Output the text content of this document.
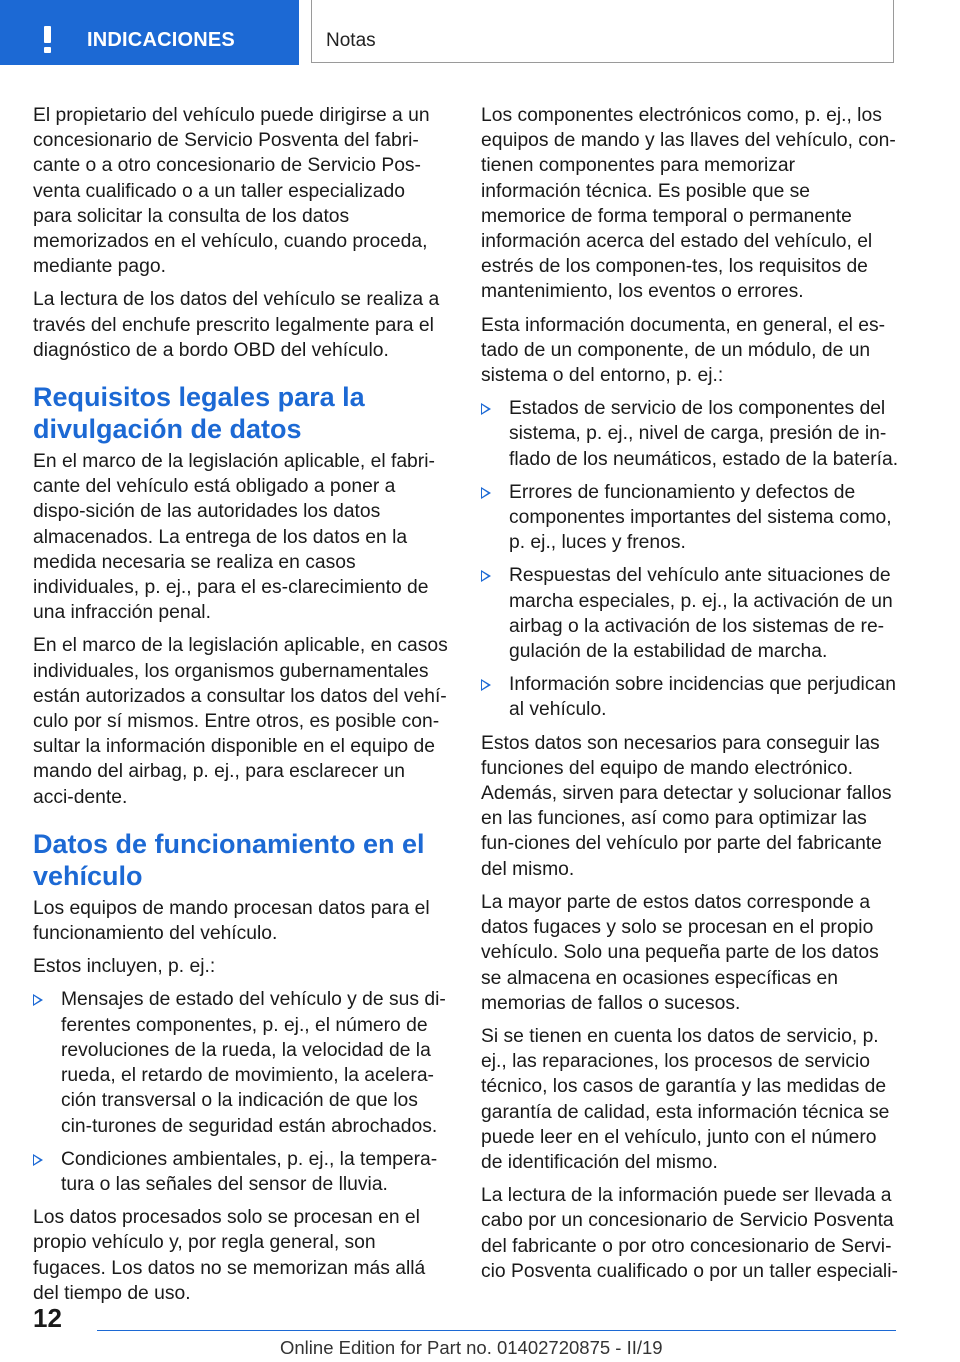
INDICACIONES	Notas

El propietario del vehículo puede dirigirse a un concesionario de Servicio Posventa del fabri-cante o a otro concesionario de Servicio Pos-venta cualificado o a un taller especializado para solicitar la consulta de los datos memorizados en el vehículo, cuando proceda, mediante pago.

La lectura de los datos del vehículo se realiza a través del enchufe prescrito legalmente para el diagnóstico de a bordo OBD del vehículo.

Requisitos legales para la divulgación de datos

En el marco de la legislación aplicable, el fabri-cante del vehículo está obligado a poner a dispo-sición de las autoridades los datos almacenados. La entrega de los datos en la medida necesaria se realiza en casos individuales, p. ej., para el es-clarecimiento de una infracción penal.

En el marco de la legislación aplicable, en casos individuales, los organismos gubernamentales están autorizados a consultar los datos del vehí-culo por sí mismos. Entre otros, es posible con-sultar la información disponible en el equipo de mando del airbag, p. ej., para esclarecer un acci-dente.

Datos de funcionamiento en el vehículo

Los equipos de mando procesan datos para el funcionamiento del vehículo.

Estos incluyen, p. ej.:

Mensajes de estado del vehículo y de sus di-ferentes componentes, p. ej., el número de revoluciones de la rueda, la velocidad de la rueda, el retardo de movimiento, la acelera-ción transversal o la indicación de que los cin-turones de seguridad están abrochados.
Condiciones ambientales, p. ej., la tempera-tura o las señales del sensor de lluvia.

Los datos procesados solo se procesan en el propio vehículo y, por regla general, son fugaces. Los datos no se memorizan más allá del tiempo de uso.

Los componentes electrónicos como, p. ej., los equipos de mando y las llaves del vehículo, con-tienen componentes para memorizar información técnica. Es posible que se memorice de forma temporal o permanente información acerca del estado del vehículo, el estrés de los componen-tes, los requisitos de mantenimiento, los eventos o errores.

Esta información documenta, en general, el es-tado de un componente, de un módulo, de un sistema o del entorno, p. ej.:

Estados de servicio de los componentes del sistema, p. ej., nivel de carga, presión de in-flado de los neumáticos, estado de la batería.
Errores de funcionamiento y defectos de componentes importantes del sistema como, p. ej., luces y frenos.
Respuestas del vehículo ante situaciones de marcha especiales, p. ej., la activación de un airbag o la activación de los sistemas de re-gulación de la estabilidad de marcha.
Información sobre incidencias que perjudican al vehículo.

Estos datos son necesarios para conseguir las funciones del equipo de mando electrónico. Además, sirven para detectar y solucionar fallos en las funciones, así como para optimizar las fun-ciones del vehículo por parte del fabricante del mismo.

La mayor parte de estos datos corresponde a datos fugaces y solo se procesan en el propio vehículo. Solo una pequeña parte de los datos se almacena en ocasiones específicas en memorias de fallos o sucesos.

Si se tienen en cuenta los datos de servicio, p. ej., las reparaciones, los procesos de servicio técnico, los casos de garantía y las medidas de garantía de calidad, esta información técnica se puede leer en el vehículo, junto con el número de identificación del mismo.

La lectura de la información puede ser llevada a cabo por un concesionario de Servicio Posventa del fabricante o por otro concesionario de Servi-cio Posventa cualificado o por un taller especiali-

12
Online Edition for Part no. 01402720875 - II/19
